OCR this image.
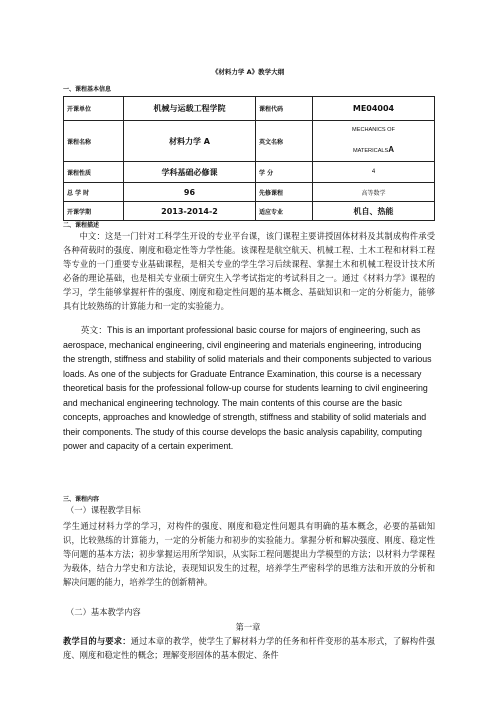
《材料力学 A》教学大纲
一、课程基本信息
开课单位	机械与运载工程学院	课程代码	ME04004
课程名称	材料力学 A	英文名称	MECHANICS OF
MATERICALSA

课程性质	学科基础必修课	学 分	4
总 学 时	96	先修课程	高等数学
开课学期	2013-2014-2	适应专业	机自、热能
二、课程描述
中文：这是一门针对工科学生开设的专业平台课，该门课程主要讲授固体材料及其制成构件承受各种荷载时的强度、刚度和稳定性等力学性能。该课程是航空航天、机械工程、土木工程和材料工程等专业的一门重要专业基础课程，是相关专业的学生学习后续课程、掌握土木和机械工程设计技术所必备的理论基础，也是相关专业硕士研究生入学考试指定的考试科目之一。通过《材料力学》课程的学习，学生能够掌握杆件的强度、刚度和稳定性问题的基本概念、基础知识和一定的分析能力，能够具有比较熟练的计算能力和一定的实验能力。
英文：This is an important professional basic course for majors of engineering, such as aerospace, mechanical engineering, civil engineering and materials engineering, introducing the strength, stiffness and stability of solid materials and their components subjected to various loads. As one of the subjects for Graduate Entrance Examination, this course is a necessary theoretical basis for the professional follow-up course for students learning to civil engineering and mechanical engineering technology. The main contents of this course are the basic concepts, approaches and knowledge of strength, stiffness and stability of solid materials and their components. The study of this course develops the basic analysis capability, computing power and capacity of a certain experiment.
三、课程内容
（一）课程教学目标
学生通过材料力学的学习，对构件的强度、刚度和稳定性问题具有明确的基本概念，必要的基础知识，比较熟练的计算能力，一定的分析能力和初步的实验能力。掌握分析和解决强度、刚度、稳定性等问题的基本方法；初步掌握运用所学知识，从实际工程问题提出力学模型的方法；以材料力学课程为载体，结合力学史和方法论，表现知识发生的过程，培养学生严密科学的思维方法和开放的分析和解决问题的能力，培养学生的创新精神。
（二）基本教学内容
第一章
教学目的与要求：通过本章的教学，使学生了解材料力学的任务和杆件变形的基本形式，了解构件强度、刚度和稳定性的概念；理解变形固体的基本假定、条件
